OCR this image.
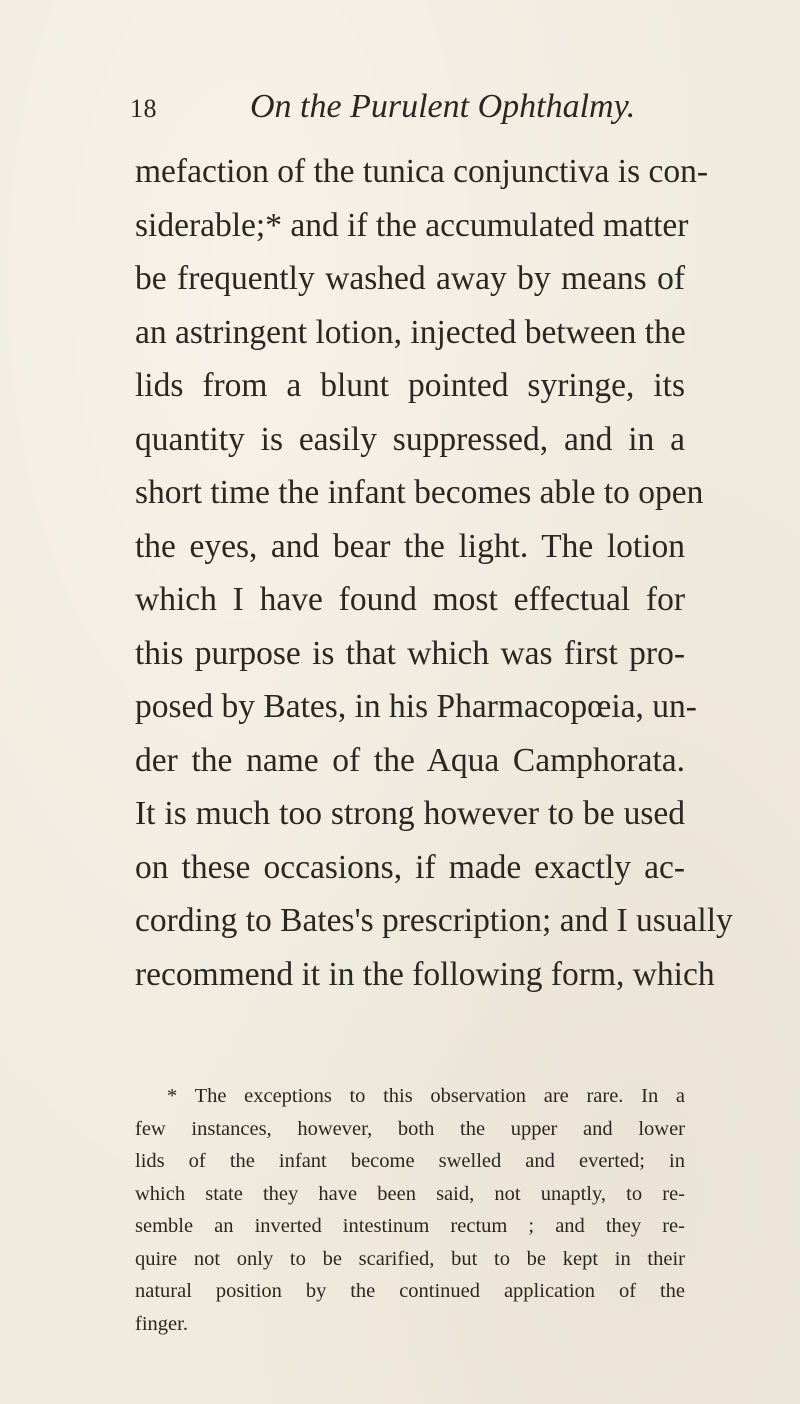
18	On the Purulent Ophthalmy.
mefaction of the tunica conjunctiva is con-
siderable;* and if the accumulated matter
be frequently washed away by means of
an astringent lotion, injected between the
lids from a blunt pointed syringe, its
quantity is easily suppressed, and in a
short time the infant becomes able to open
the eyes, and bear the light. The lotion
which I have found most effectual for
this purpose is that which was first pro-
posed by Bates, in his Pharmacopœia, un-
der the name of the Aqua Camphorata.
It is much too strong however to be used
on these occasions, if made exactly ac-
cording to Bates's prescription; and I usually
recommend it in the following form, which
* The exceptions to this observation are rare. In a
few instances, however, both the upper and lower
lids of the infant become swelled and everted; in
which state they have been said, not unaptly, to re-
semble an inverted intestinum rectum ; and they re-
quire not only to be scarified, but to be kept in their
natural position by the continued application of the
finger.
